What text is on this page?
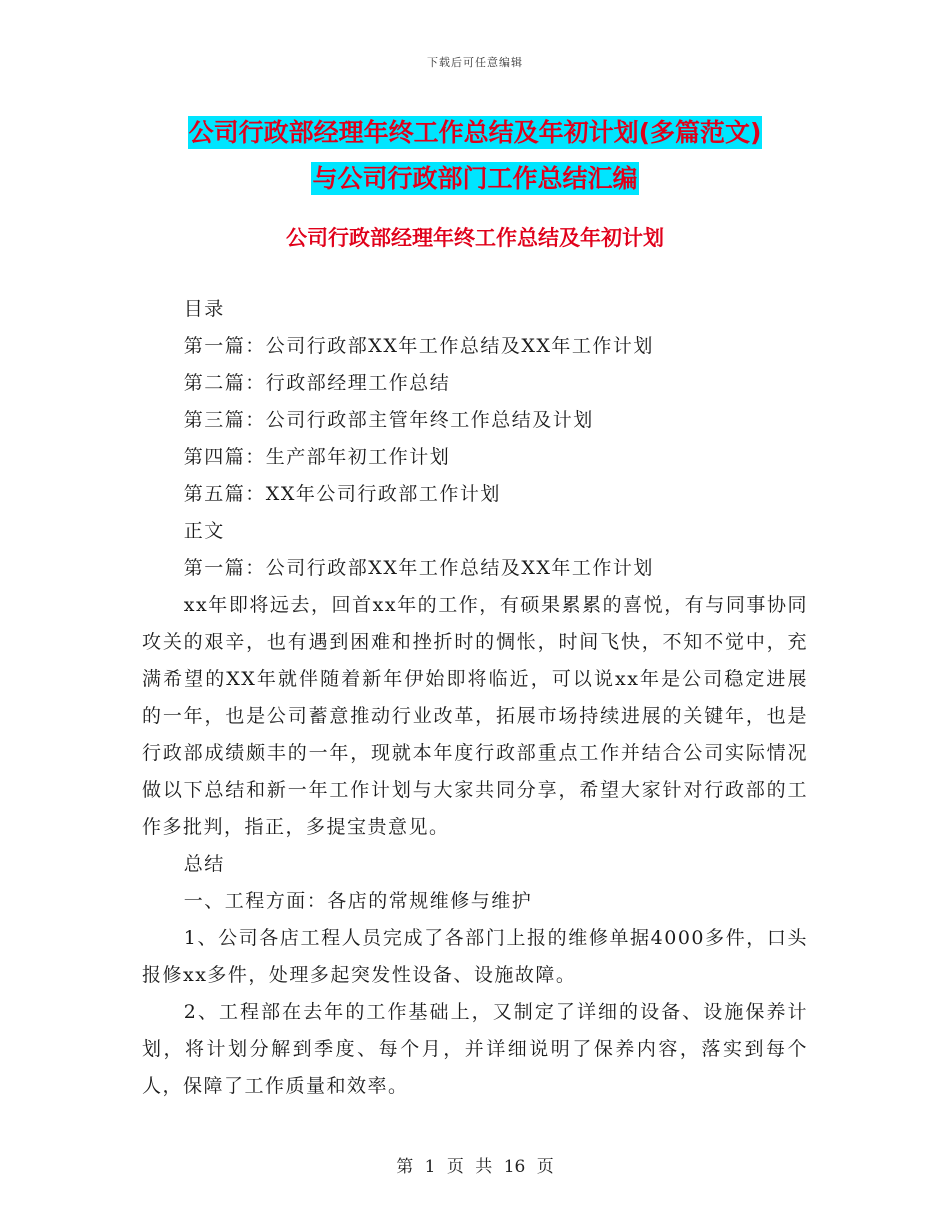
下载后可任意编辑
公司行政部经理年终工作总结及年初计划(多篇范文)
与公司行政部门工作总结汇编
公司行政部经理年终工作总结及年初计划

目录

第一篇：公司行政部XX年工作总结及XX年工作计划

第二篇：行政部经理工作总结

第三篇：公司行政部主管年终工作总结及计划

第四篇：生产部年初工作计划

第五篇：XX年公司行政部工作计划

正文

第一篇：公司行政部XX年工作总结及XX年工作计划

xx年即将远去，回首xx年的工作，有硕果累累的喜悦，有与同事协同攻关的艰辛，也有遇到困难和挫折时的惆怅，时间飞快，不知不觉中，充满希望的XX年就伴随着新年伊始即将临近，可以说xx年是公司稳定进展的一年，也是公司蓄意推动行业改革，拓展市场持续进展的关键年，也是行政部成绩颇丰的一年，现就本年度行政部重点工作并结合公司实际情况做以下总结和新一年工作计划与大家共同分享，希望大家针对行政部的工作多批判，指正，多提宝贵意见。

总结

一、工程方面：各店的常规维修与维护

1、公司各店工程人员完成了各部门上报的维修单据4000多件，口头报修xx多件，处理多起突发性设备、设施故障。

2、工程部在去年的工作基础上，又制定了详细的设备、设施保养计划，将计划分解到季度、每个月，并详细说明了保养内容，落实到每个人，保障了工作质量和效率。

第 1 页 共 16 页
